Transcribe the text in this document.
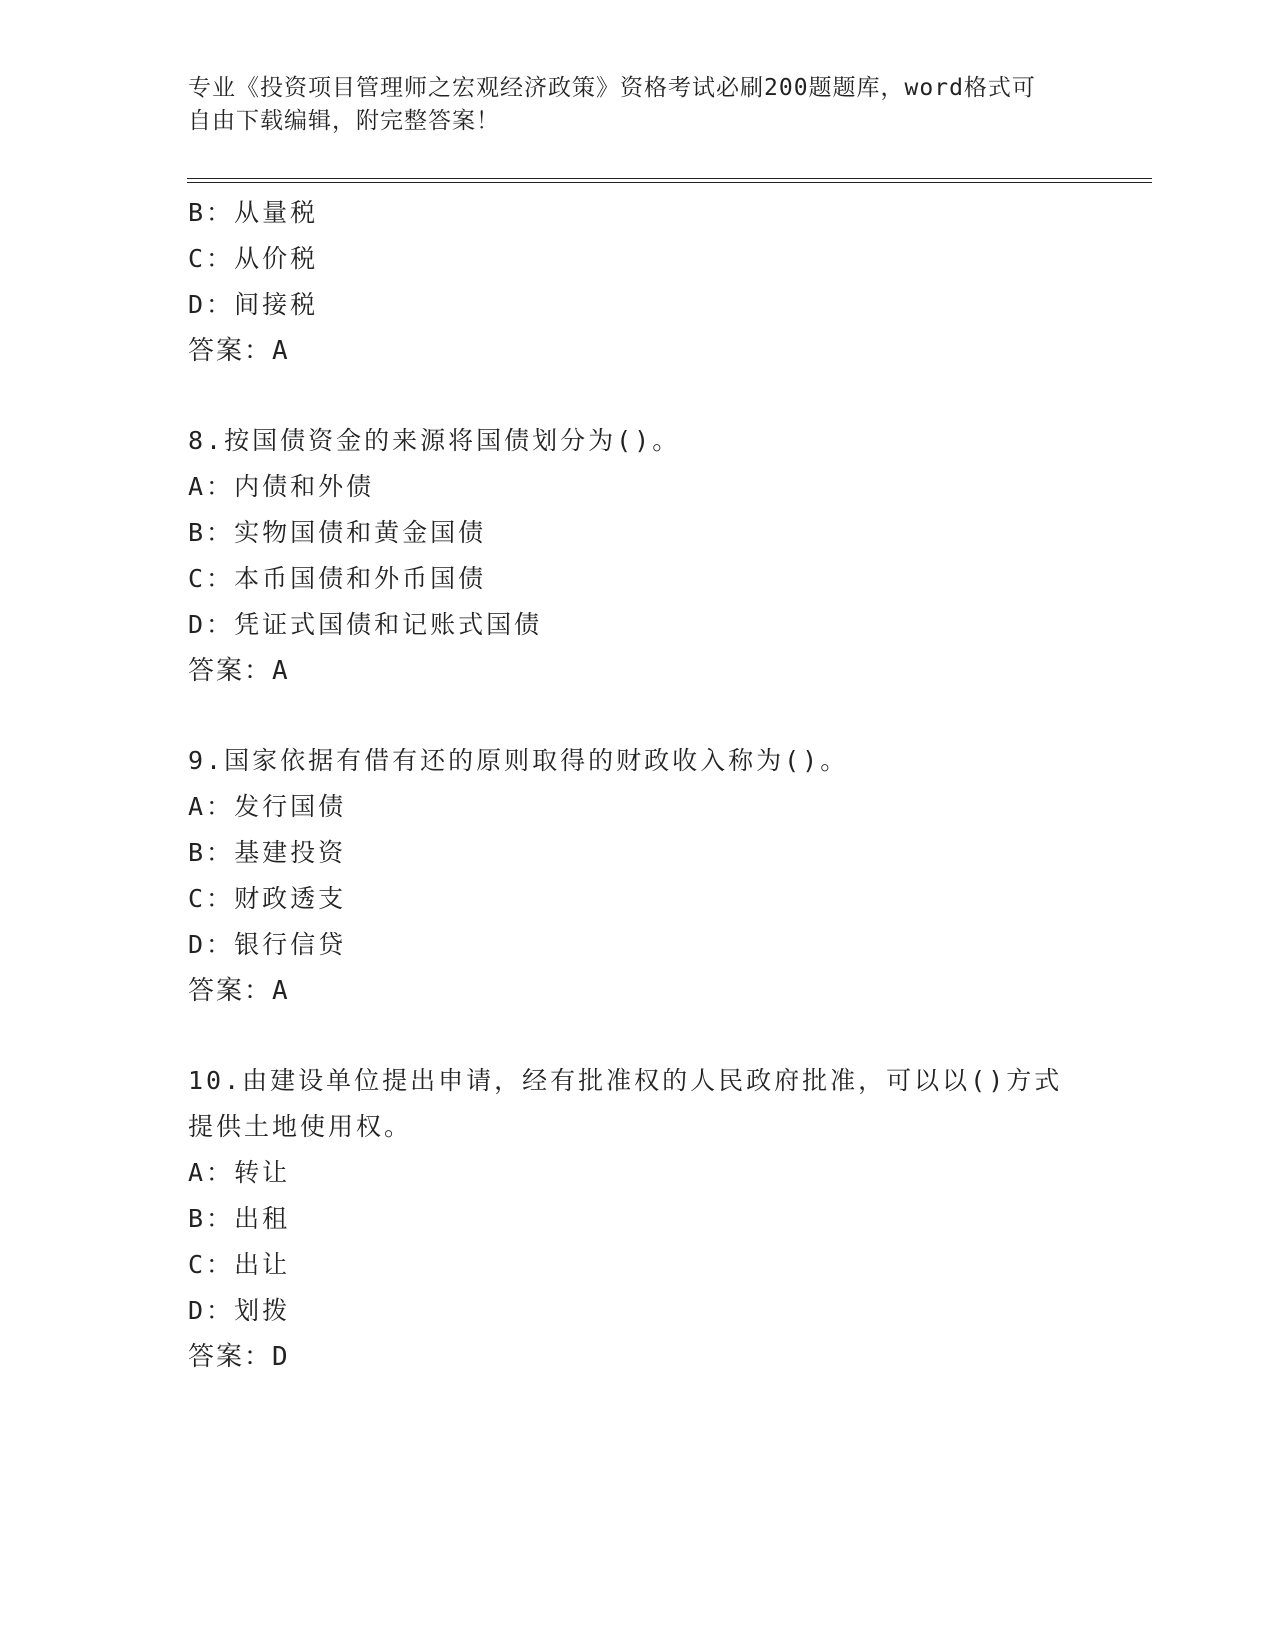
专业《投资项目管理师之宏观经济政策》资格考试必刷200题题库，word格式可
自由下载编辑，附完整答案！
B：从量税
C：从价税
D：间接税
答案：A
8.按国债资金的来源将国债划分为()。
A：内债和外债
B：实物国债和黄金国债
C：本币国债和外币国债
D：凭证式国债和记账式国债
答案：A
9.国家依据有借有还的原则取得的财政收入称为()。
A：发行国债
B：基建投资
C：财政透支
D：银行信贷
答案：A
10.由建设单位提出申请，经有批准权的人民政府批准，可以以()方式
提供土地使用权。
A：转让
B：出租
C：出让
D：划拨
答案：D
